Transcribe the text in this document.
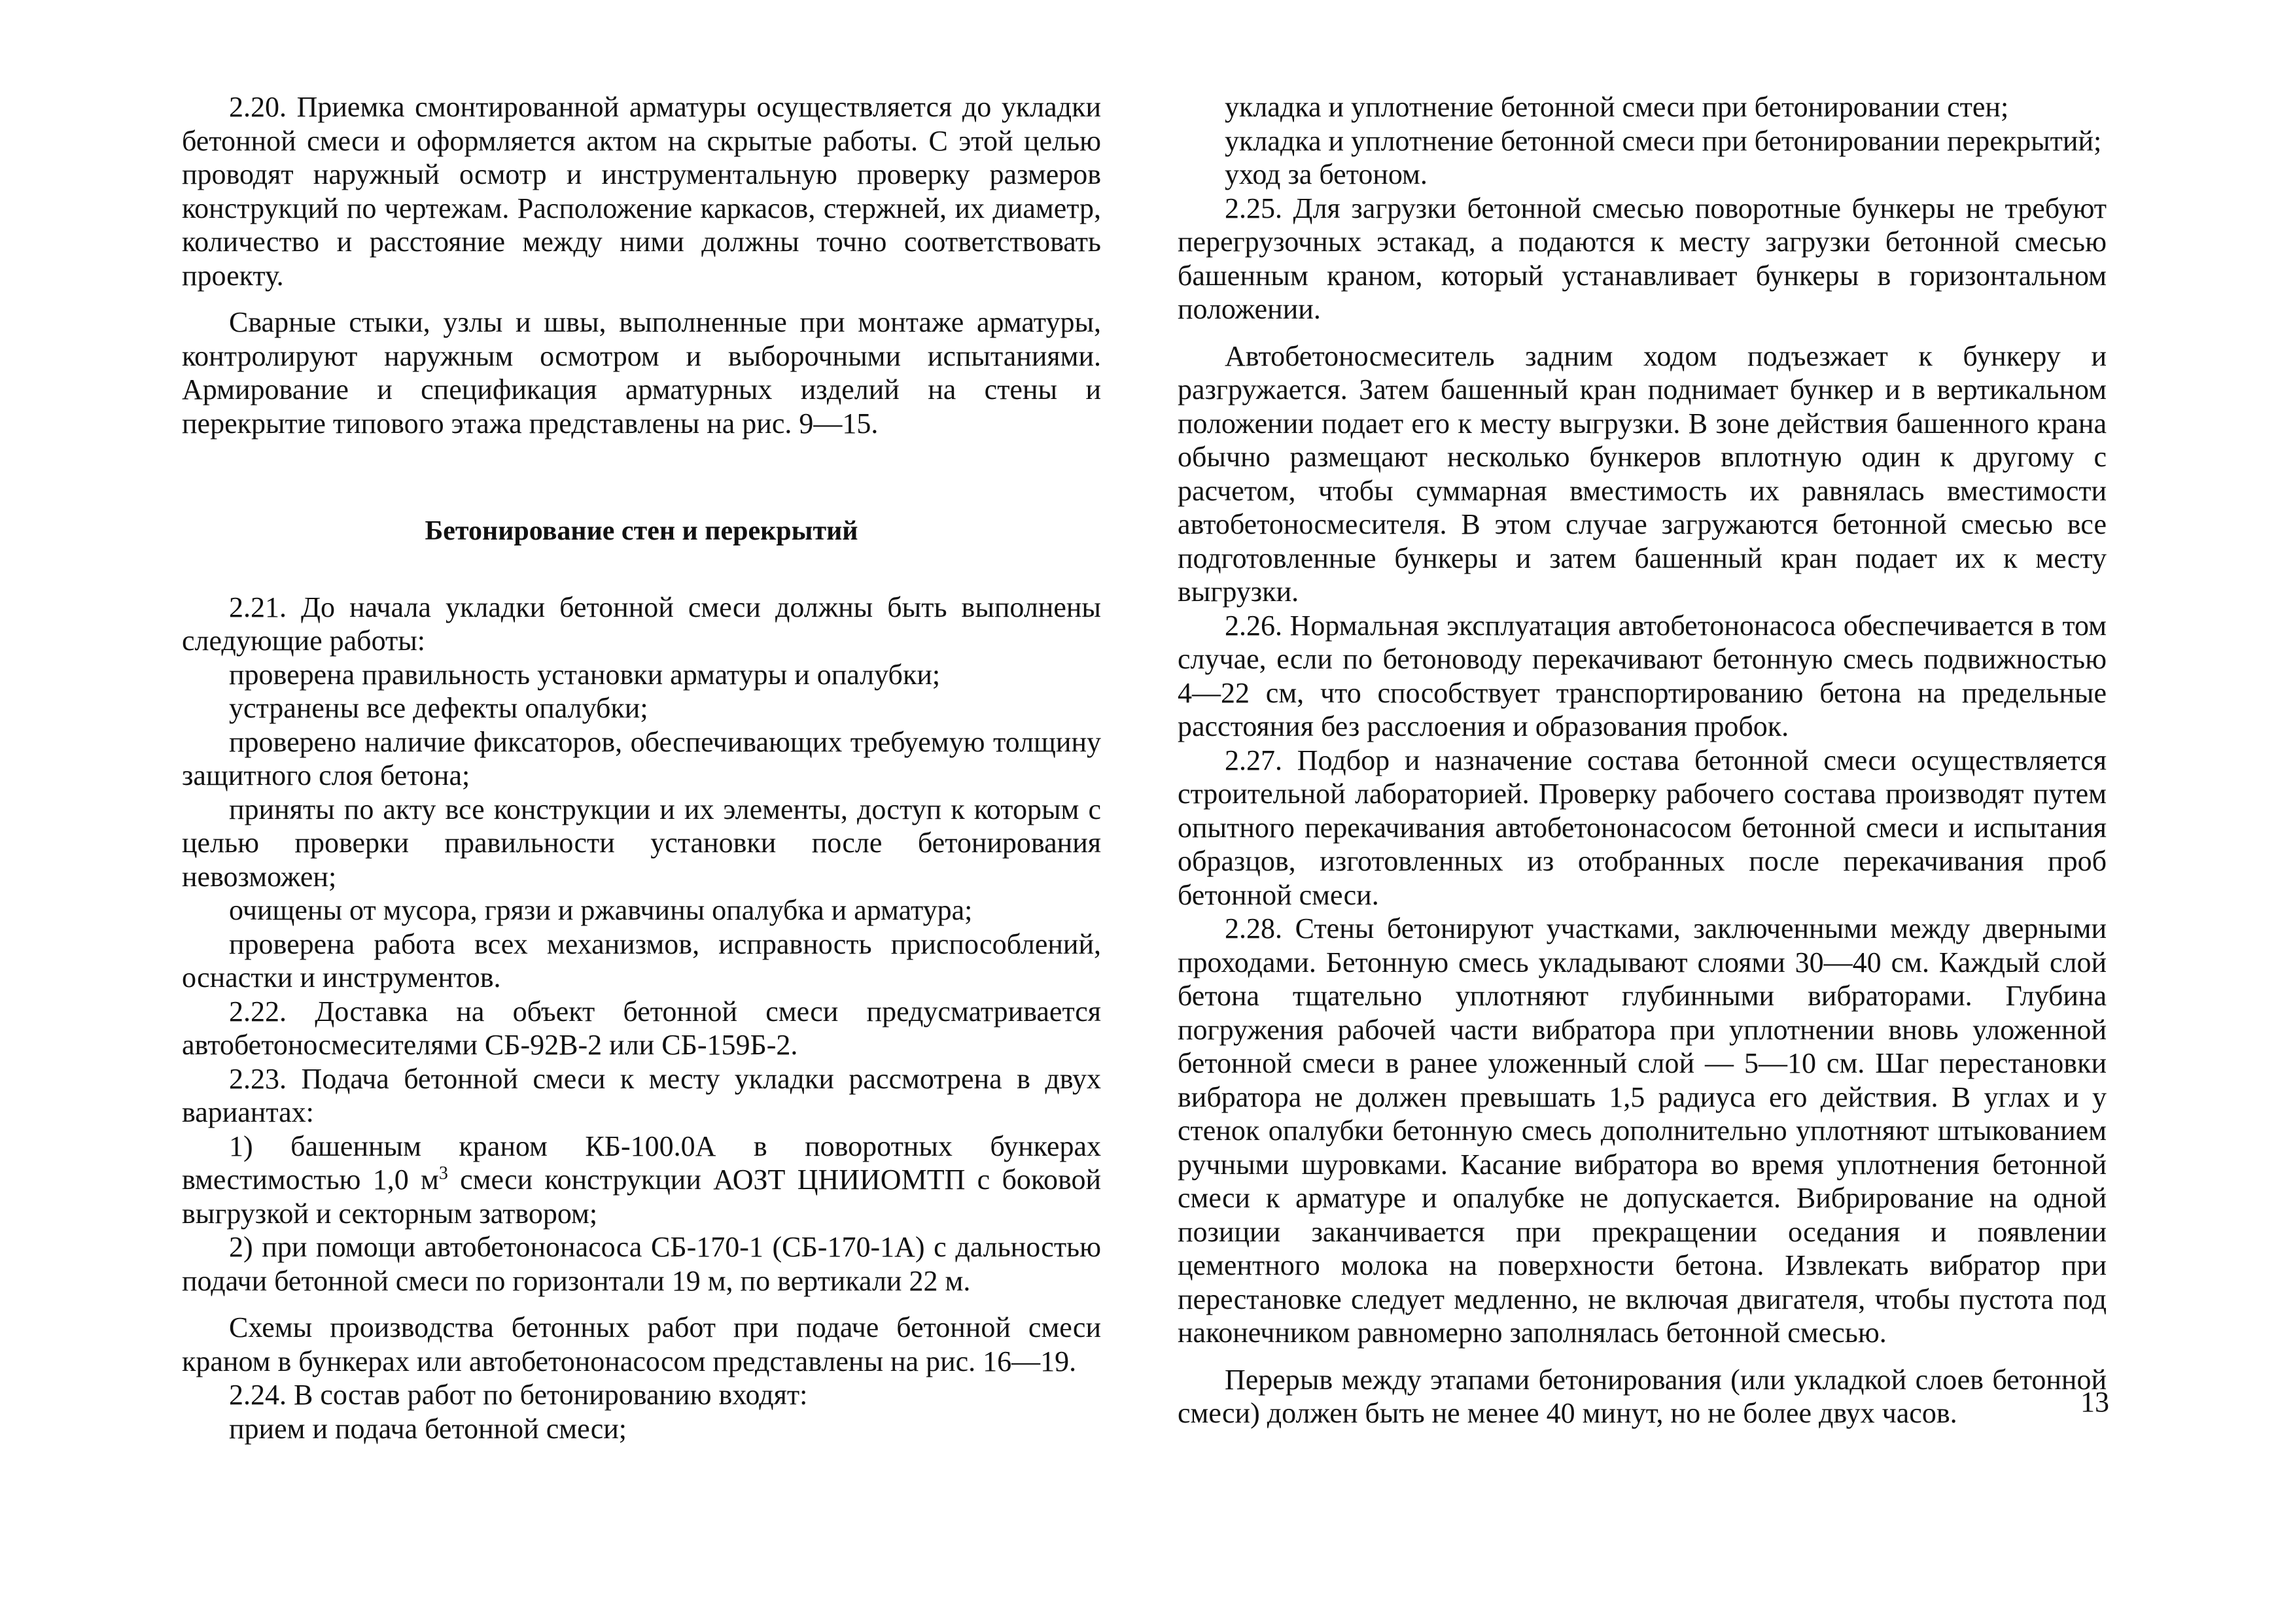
2.20. Приемка смонтированной арматуры осуществляется до укладки бетонной смеси и оформляется актом на скрытые работы. С этой целью проводят наружный осмотр и инструментальную проверку размеров конструкций по чертежам. Расположение каркасов, стержней, их диаметр, количество и расстояние между ними должны точно соответствовать проекту.

Сварные стыки, узлы и швы, выполненные при монтаже арматуры, контролируют наружным осмотром и выборочными испытаниями. Армирование и спецификация арматурных изделий на стены и перекрытие типового этажа представлены на рис. 9—15.

Бетонирование стен и перекрытий

2.21. До начала укладки бетонной смеси должны быть выполнены следующие работы:

проверена правильность установки арматуры и опалубки;

устранены все дефекты опалубки;

проверено наличие фиксаторов, обеспечивающих требуемую толщину защитного слоя бетона;

приняты по акту все конструкции и их элементы, доступ к которым с целью проверки правильности установки после бетонирования невозможен;

очищены от мусора, грязи и ржавчины опалубка и арматура;

проверена работа всех механизмов, исправность приспособлений, оснастки и инструментов.

2.22. Доставка на объект бетонной смеси предусматривается автобетоносмесителями СБ-92В-2 или СБ-159Б-2.

2.23. Подача бетонной смеси к месту укладки рассмотрена в двух вариантах:

1) башенным краном КБ-100.0А в поворотных бункерах вместимостью 1,0 $м^3$ смеси конструкции АОЗТ ЦНИИОМТП с боковой выгрузкой и секторным затвором;

2) при помощи автобетононасоса СБ-170-1 (СБ-170-1А) с дальностью подачи бетонной смеси по горизонтали 19 м, по вертикали 22 м.

Схемы производства бетонных работ при подаче бетонной смеси краном в бункерах или автобетононасосом представлены на рис. 16—19.

2.24. В состав работ по бетонированию входят:

прием и подача бетонной смеси;

укладка и уплотнение бетонной смеси при бетонировании стен;

укладка и уплотнение бетонной смеси при бетонировании перекрытий;

уход за бетоном.

2.25. Для загрузки бетонной смесью поворотные бункеры не требуют перегрузочных эстакад, а подаются к месту загрузки бетонной смесью башенным краном, который устанавливает бункеры в горизонтальном положении.

Автобетоносмеситель задним ходом подъезжает к бункеру и разгружается. Затем башенный кран поднимает бункер и в вертикальном положении подает его к месту выгрузки. В зоне действия башенного крана обычно размещают несколько бункеров вплотную один к другому с расчетом, чтобы суммарная вместимость их равнялась вместимости автобетоносмесителя. В этом случае загружаются бетонной смесью все подготовленные бункеры и затем башенный кран подает их к месту выгрузки.

2.26. Нормальная эксплуатация автобетононасоса обеспечивается в том случае, если по бетоноводу перекачивают бетонную смесь подвижностью 4—22 см, что способствует транспортированию бетона на предельные расстояния без расслоения и образования пробок.

2.27. Подбор и назначение состава бетонной смеси осуществляется строительной лабораторией. Проверку рабочего состава производят путем опытного перекачивания автобетононасосом бетонной смеси и испытания образцов, изготовленных из отобранных после перекачивания проб бетонной смеси.

2.28. Стены бетонируют участками, заключенными между дверными проходами. Бетонную смесь укладывают слоями 30—40 см. Каждый слой бетона тщательно уплотняют глубинными вибраторами. Глубина погружения рабочей части вибратора при уплотнении вновь уложенной бетонной смеси в ранее уложенный слой — 5—10 см. Шаг перестановки вибратора не должен превышать 1,5 радиуса его действия. В углах и у стенок опалубки бетонную смесь дополнительно уплотняют штыкованием ручными шуровками. Касание вибратора во время уплотнения бетонной смеси к арматуре и опалубке не допускается. Вибрирование на одной позиции заканчивается при прекращении оседания и появлении цементного молока на поверхности бетона. Извлекать вибратор при перестановке следует медленно, не включая двигателя, чтобы пустота под наконечником равномерно заполнялась бетонной смесью.

Перерыв между этапами бетонирования (или укладкой слоев бетонной смеси) должен быть не менее 40 минут, но не более двух часов.	13
